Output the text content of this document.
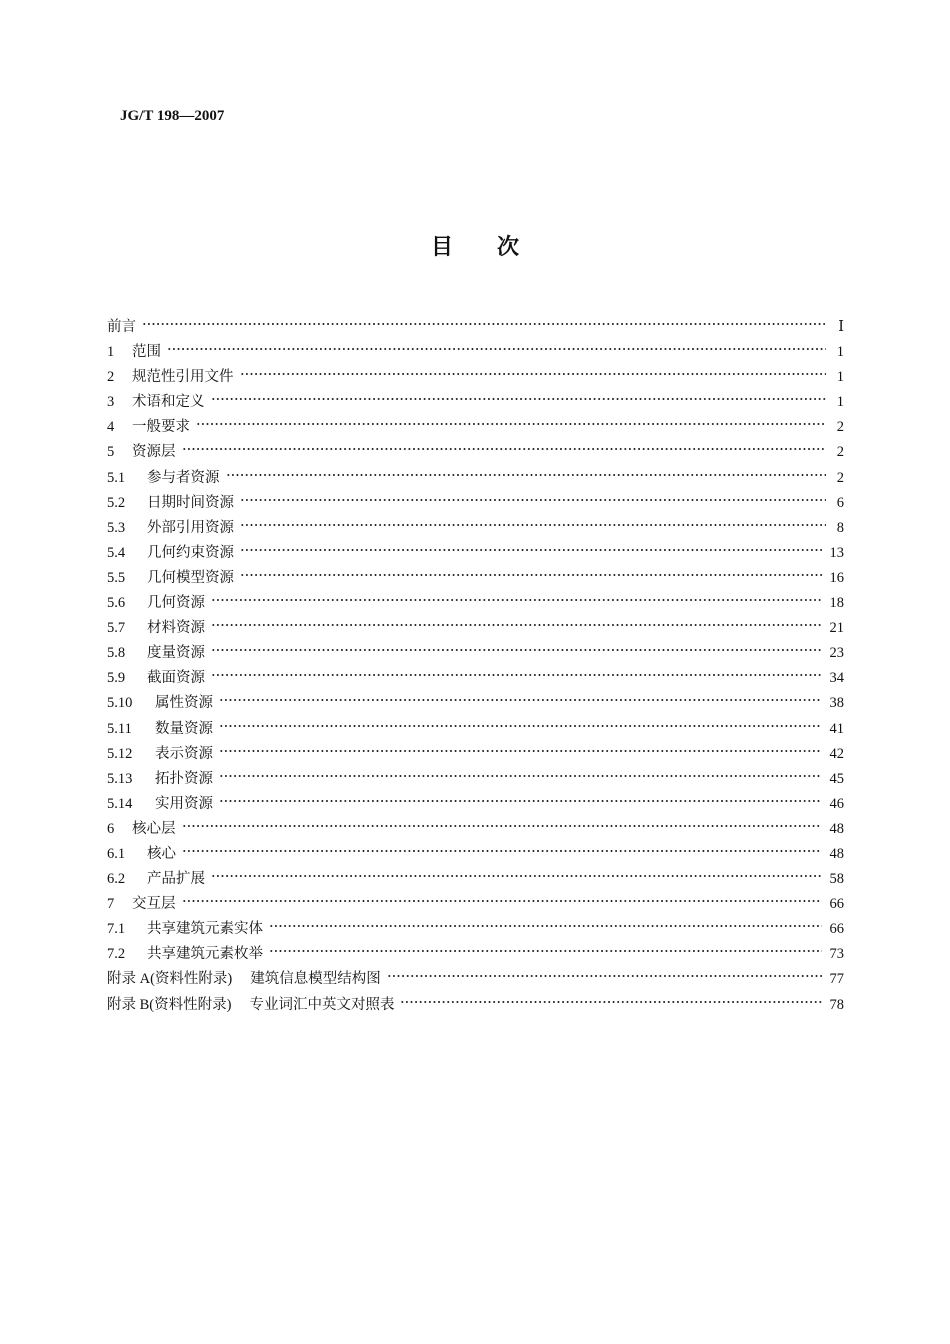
JG/T 198—2007
目次
前言	Ⅰ
1	范围	1
2	规范性引用文件	1
3	术语和定义	1
4	一般要求	2
5	资源层	2
5.1	参与者资源	2
5.2	日期时间资源	6
5.3	外部引用资源	8
5.4	几何约束资源	13
5.5	几何模型资源	16
5.6	几何资源	18
5.7	材料资源	21
5.8	度量资源	23
5.9	截面资源	34
5.10	属性资源	38
5.11	数量资源	41
5.12	表示资源	42
5.13	拓扑资源	45
5.14	实用资源	46
6	核心层	48
6.1	核心	48
6.2	产品扩展	58
7	交互层	66
7.1	共享建筑元素实体	66
7.2	共享建筑元素枚举	73
附录 A(资料性附录) 建筑信息模型结构图	77
附录 B(资料性附录) 专业词汇中英文对照表	78
